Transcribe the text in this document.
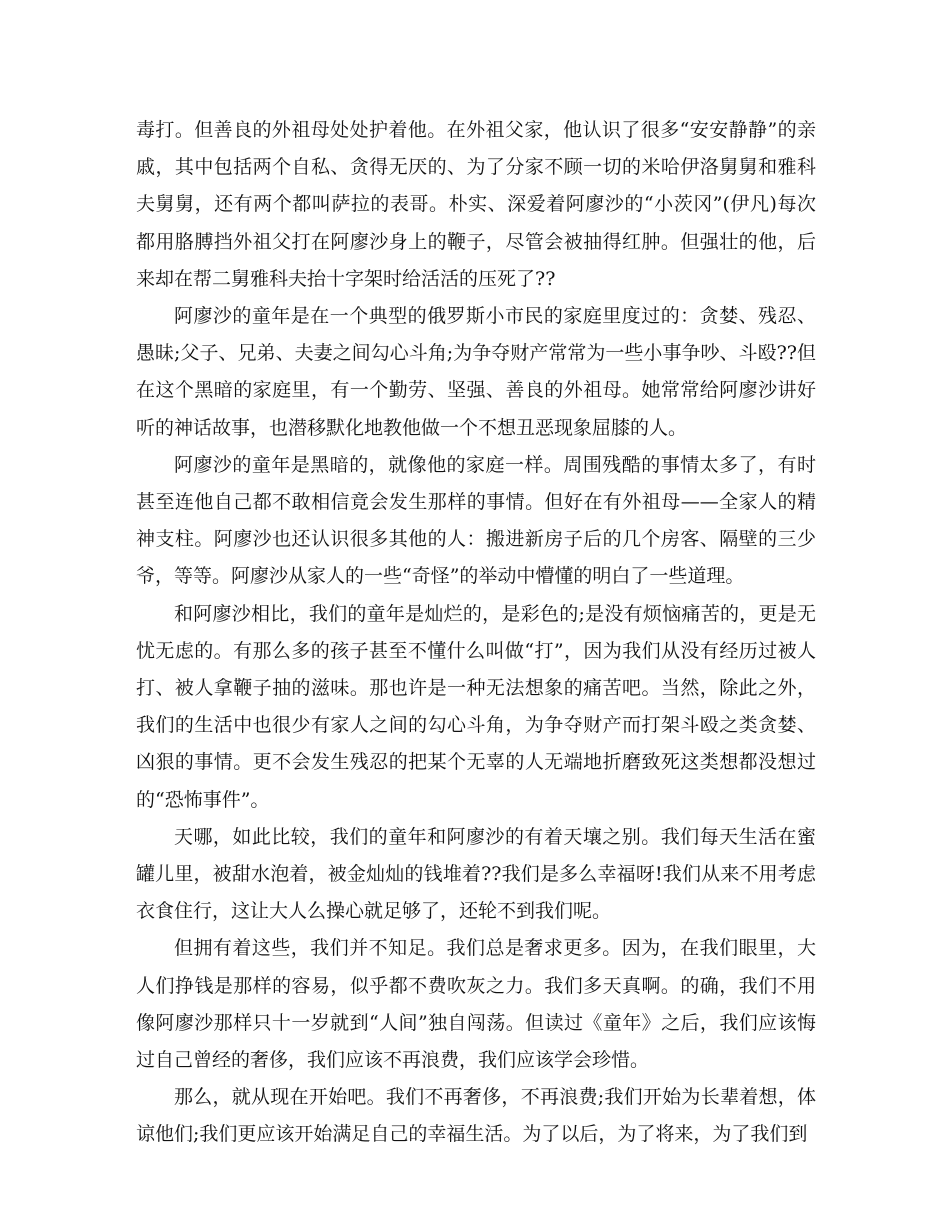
毒打。但善良的外祖母处处护着他。在外祖父家，他认识了很多“安安静静”的亲戚，其中包括两个自私、贪得无厌的、为了分家不顾一切的米哈伊洛舅舅和雅科夫舅舅，还有两个都叫萨拉的表哥。朴实、深爱着阿廖沙的“小茨冈”(伊凡)每次都用胳膊挡外祖父打在阿廖沙身上的鞭子，尽管会被抽得红肿。但强壮的他，后来却在帮二舅雅科夫抬十字架时给活活的压死了??

阿廖沙的童年是在一个典型的俄罗斯小市民的家庭里度过的：贪婪、残忍、愚昧;父子、兄弟、夫妻之间勾心斗角;为争夺财产常常为一些小事争吵、斗殴??但在这个黑暗的家庭里，有一个勤劳、坚强、善良的外祖母。她常常给阿廖沙讲好听的神话故事，也潜移默化地教他做一个不想丑恶现象屈膝的人。

阿廖沙的童年是黑暗的，就像他的家庭一样。周围残酷的事情太多了，有时甚至连他自己都不敢相信竟会发生那样的事情。但好在有外祖母——全家人的精神支柱。阿廖沙也还认识很多其他的人：搬进新房子后的几个房客、隔壁的三少爷，等等。阿廖沙从家人的一些“奇怪”的举动中懵懂的明白了一些道理。

和阿廖沙相比，我们的童年是灿烂的，是彩色的;是没有烦恼痛苦的，更是无忧无虑的。有那么多的孩子甚至不懂什么叫做“打”，因为我们从没有经历过被人打、被人拿鞭子抽的滋味。那也许是一种无法想象的痛苦吧。当然，除此之外，我们的生活中也很少有家人之间的勾心斗角，为争夺财产而打架斗殴之类贪婪、凶狠的事情。更不会发生残忍的把某个无辜的人无端地折磨致死这类想都没想过的“恐怖事件”。

天哪，如此比较，我们的童年和阿廖沙的有着天壤之别。我们每天生活在蜜罐儿里，被甜水泡着，被金灿灿的钱堆着??我们是多么幸福呀!我们从来不用考虑衣食住行，这让大人么操心就足够了，还轮不到我们呢。

但拥有着这些，我们并不知足。我们总是奢求更多。因为，在我们眼里，大人们挣钱是那样的容易，似乎都不费吹灰之力。我们多天真啊。的确，我们不用像阿廖沙那样只十一岁就到“人间”独自闯荡。但读过《童年》之后，我们应该悔过自己曾经的奢侈，我们应该不再浪费，我们应该学会珍惜。

那么，就从现在开始吧。我们不再奢侈，不再浪费;我们开始为长辈着想，体谅他们;我们更应该开始满足自己的幸福生活。为了以后，为了将来，为了我们到
